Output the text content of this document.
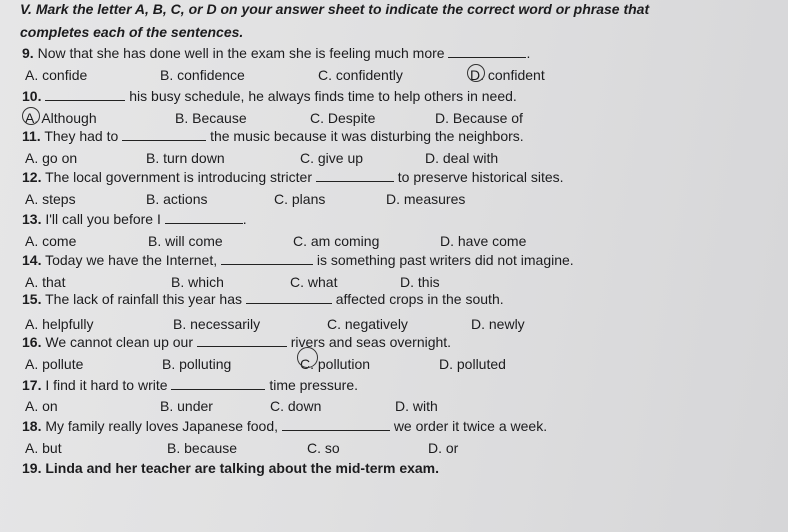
V. Mark the letter A, B, C, or D on your answer sheet to indicate the correct word or phrase that
completes each of the sentences.
9. Now that she has done well in the exam she is feeling much more	.
A. confide	B. confidence	C. confidently	D. confident
10.	his busy schedule, he always finds time to help others in need.
A. Although	B. Because	C. Despite	D. Because of
11. They had to	the music because it was disturbing the neighbors.
A. go on	B. turn down	C. give up	D. deal with
12. The local government is introducing stricter	to preserve historical sites.
A. steps	B. actions	C. plans	D. measures
13. I'll call you before I	.
A. come	B. will come	C. am coming	D. have come
14. Today we have the Internet,	is something past writers did not imagine.
A. that	B. which	C. what	D. this
15. The lack of rainfall this year has	affected crops in the south.
A. helpfully	B. necessarily	C. negatively	D. newly
16. We cannot clean up our	rivers and seas overnight.
A. pollute	B. polluting	C. pollution	D. polluted
17. I find it hard to write	time pressure.
A. on	B. under	C. down	D. with
18. My family really loves Japanese food,	we order it twice a week.
A. but	B. because	C. so	D. or
19. Linda and her teacher are talking about the mid-term exam.
